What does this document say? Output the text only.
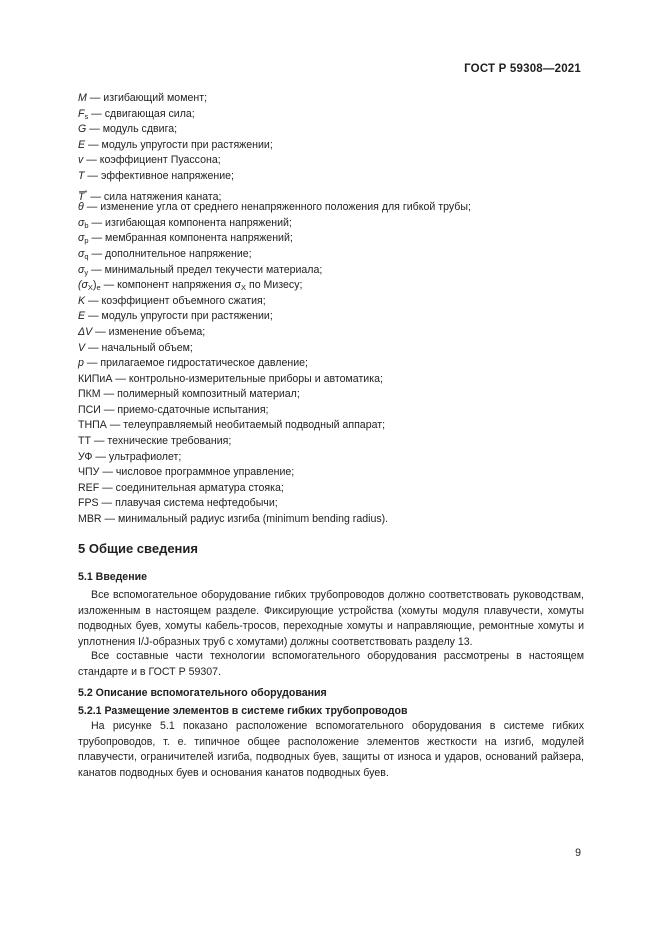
ГОСТ Р 59308—2021
M — изгибающий момент;
$F_s$ — сдвигающая сила;
G — модуль сдвига;
E — модуль упругости при растяжении;
v — коэффициент Пуассона;
T — эффективное напряжение;
T̅* — сила натяжения каната;
θ — изменение угла от среднего ненапряженного положения для гибкой трубы;
$\sigma_b$ — изгибающая компонента напряжений;
$\sigma_p$ — мембранная компонента напряжений;
$\sigma_q$ — дополнительное напряжение;
$\sigma_y$ — минимальный предел текучести материала;
$(\sigma_X)_e$ — компонент напряжения $\sigma_X$ по Мизесу;
K — коэффициент объемного сжатия;
E — модуль упругости при растяжении;
ΔV — изменение объема;
V — начальный объем;
p — прилагаемое гидростатическое давление;
КИПиА — контрольно-измерительные приборы и автоматика;
ПКМ — полимерный композитный материал;
ПСИ — приемо-сдаточные испытания;
ТНПА — телеуправляемый необитаемый подводный аппарат;
ТТ — технические требования;
УФ — ультрафиолет;
ЧПУ — числовое программное управление;
REF — соединительная арматура стояка;
FPS — плавучая система нефтедобычи;
MBR — минимальный радиус изгиба (minimum bending radius).
5 Общие сведения
5.1 Введение
Все вспомогательное оборудование гибких трубопроводов должно соответствовать руководствам, изложенным в настоящем разделе. Фиксирующие устройства (хомуты модуля плавучести, хомуты подводных буев, хомуты кабель-тросов, переходные хомуты и направляющие, ремонтные хомуты и уплотнения I/J-образных труб с хомутами) должны соответствовать разделу 13.
Все составные части технологии вспомогательного оборудования рассмотрены в настоящем стандарте и в ГОСТ Р 59307.
5.2 Описание вспомогательного оборудования
5.2.1 Размещение элементов в системе гибких трубопроводов
На рисунке 5.1 показано расположение вспомогательного оборудования в системе гибких трубопроводов, т. е. типичное общее расположение элементов жесткости на изгиб, модулей плавучести, ограничителей изгиба, подводных буев, защиты от износа и ударов, оснований райзера, канатов подводных буев и основания канатов подводных буев.
9
